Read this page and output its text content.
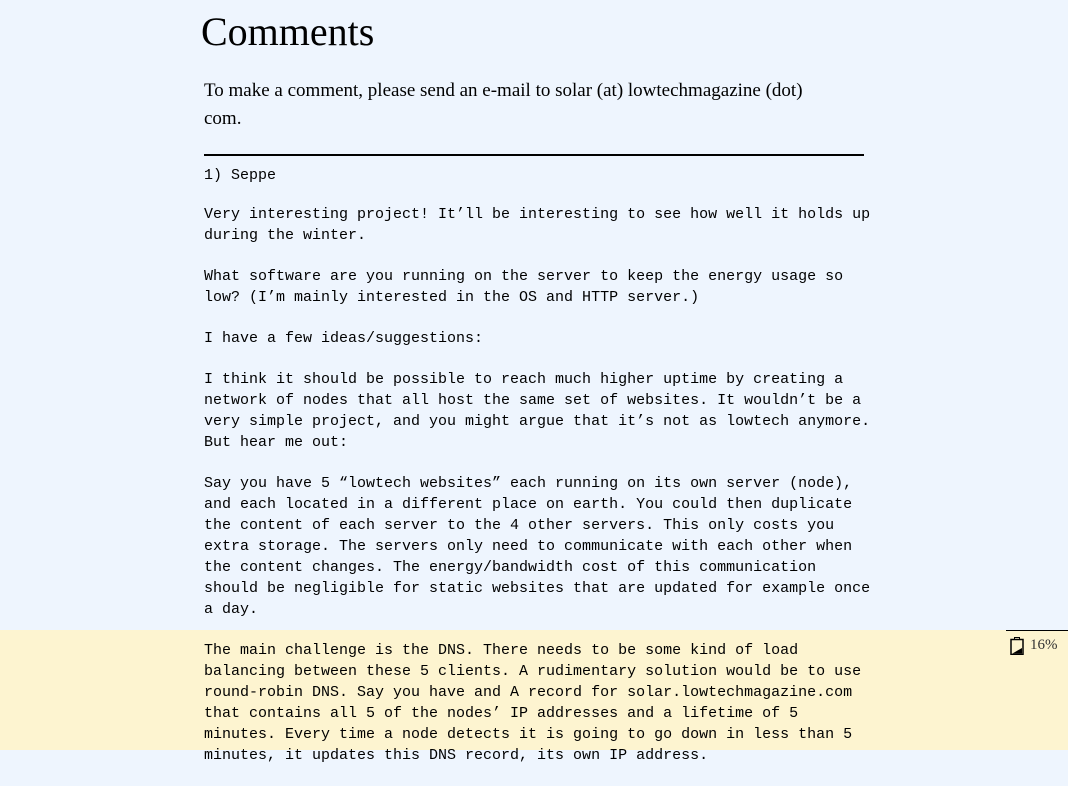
Comments

To make a comment, please send an e-mail to solar (at) lowtechmagazine (dot) com.

1) Seppe

Very interesting project! It’ll be interesting to see how well it holds up during the winter.

What software are you running on the server to keep the energy usage so low? (I’m mainly interested in the OS and HTTP server.)

I have a few ideas/suggestions:

I think it should be possible to reach much higher uptime by creating a network of nodes that all host the same set of websites. It wouldn’t be a very simple project, and you might argue that it’s not as lowtech anymore. But hear me out:

Say you have 5 “lowtech websites” each running on its own server (node), and each located in a different place on earth. You could then duplicate the content of each server to the 4 other servers. This only costs you extra storage. The servers only need to communicate with each other when the content changes. The energy/bandwidth cost of this communication should be negligible for static websites that are updated for example once a day.

The main challenge is the DNS. There needs to be some kind of load balancing between these 5 clients. A rudimentary solution would be to use round-robin DNS. Say you have and A record for solar.lowtechmagazine.com that contains all 5 of the nodes’ IP addresses and a lifetime of 5 minutes. Every time a node detects it is going to go down in less than 5 minutes, it updates this DNS record, its own IP address.

16%
